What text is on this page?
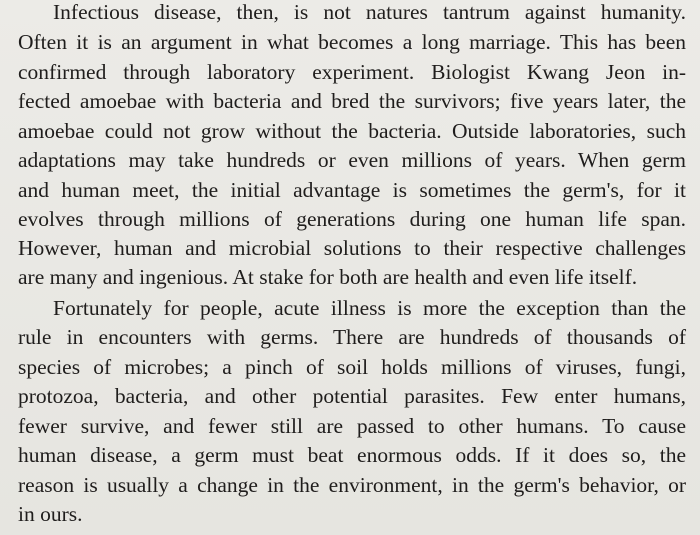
Infectious disease, then, is not natures tantrum against humanity.
Often it is an argument in what becomes a long marriage. This has been
confirmed through laboratory experiment. Biologist Kwang Jeon in-
fected amoebae with bacteria and bred the survivors; five years later, the
amoebae could not grow without the bacteria. Outside laboratories, such
adaptations may take hundreds or even millions of years. When germ
and human meet, the initial advantage is sometimes the germ's, for it
evolves through millions of generations during one human life span.
However, human and microbial solutions to their respective challenges
are many and ingenious. At stake for both are health and even life itself.
Fortunately for people, acute illness is more the exception than the
rule in encounters with germs. There are hundreds of thousands of
species of microbes; a pinch of soil holds millions of viruses, fungi,
protozoa, bacteria, and other potential parasites. Few enter humans,
fewer survive, and fewer still are passed to other humans. To cause
human disease, a germ must beat enormous odds. If it does so, the
reason is usually a change in the environment, in the germ's behavior, or
in ours.
